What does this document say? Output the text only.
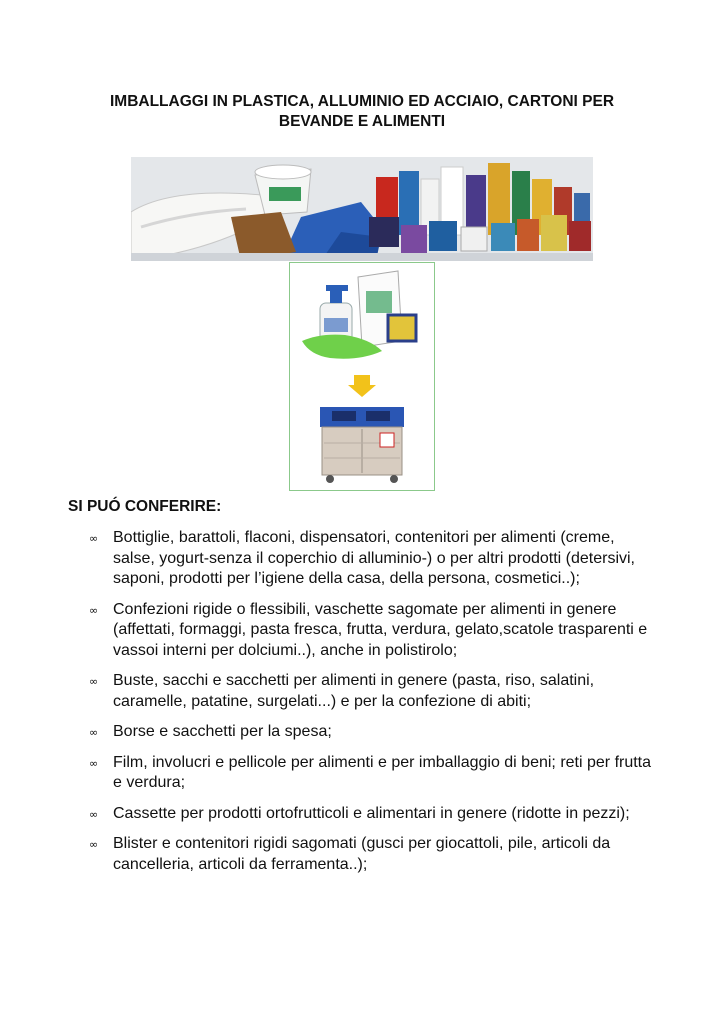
IMBALLAGGI IN PLASTICA, ALLUMINIO ED ACCIAIO, CARTONI PER
BEVANDE E ALIMENTI
SI PUÓ CONFERIRE:
∞ Bottiglie, barattoli, flaconi, dispensatori, contenitori per alimenti (creme, salse, yogurt-senza il coperchio di alluminio-) o per altri prodotti (detersivi, saponi, prodotti per l’igiene della casa, della persona, cosmetici..);
∞ Confezioni rigide o flessibili, vaschette sagomate per alimenti in genere (affettati, formaggi, pasta fresca, frutta, verdura, gelato,scatole trasparenti e vassoi interni per dolciumi..), anche in polistirolo;
∞ Buste, sacchi e sacchetti per alimenti in genere (pasta, riso, salatini, caramelle, patatine, surgelati...) e per la confezione di abiti;
∞ Borse e sacchetti per la spesa;
∞ Film, involucri e pellicole per alimenti e per imballaggio di beni; reti per frutta e verdura;
∞ Cassette per prodotti ortofrutticoli e alimentari in genere (ridotte in pezzi);
∞ Blister e contenitori rigidi sagomati (gusci per giocattoli, pile, articoli da cancelleria, articoli da ferramenta..);
